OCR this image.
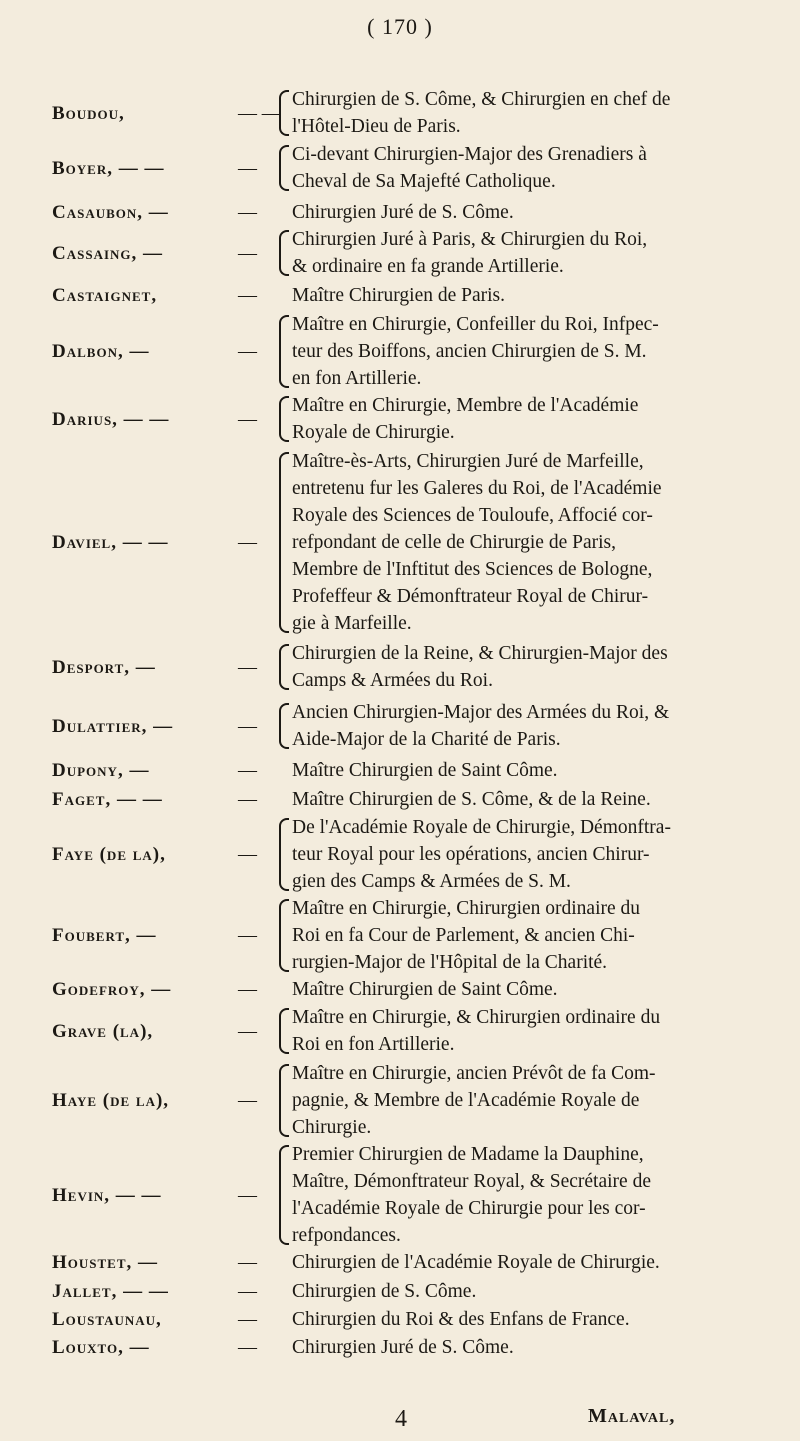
( 170 )
Boudou,	— —
Chirurgien de S. Côme, & Chirurgien en chef de
l'Hôtel-Dieu de Paris.
Boyer, — —	—
Ci-devant Chirurgien-Major des Grenadiers à
Cheval de Sa Majefté Catholique.
Casaubon, —	— Chirurgien Juré de S. Côme.
Cassaing, —	—
Chirurgien Juré à Paris, & Chirurgien du Roi,
& ordinaire en fa grande Artillerie.
Castaignet,	— Maître Chirurgien de Paris.
Dalbon, —	—
Maître en Chirurgie, Confeiller du Roi, Infpec-
teur des Boiffons, ancien Chirurgien de S. M.
en fon Artillerie.
Darius, — —	—
Maître en Chirurgie, Membre de l'Académie
Royale de Chirurgie.
Daviel, — —	—
Maître-ès-Arts, Chirurgien Juré de Marfeille,
entretenu fur les Galeres du Roi, de l'Académie
Royale des Sciences de Touloufe, Affocié cor-
refpondant de celle de Chirurgie de Paris,
Membre de l'Inftitut des Sciences de Bologne,
Profeffeur & Démonftrateur Royal de Chirur-
gie à Marfeille.
Desport, —	—
Chirurgien de la Reine, & Chirurgien-Major des
Camps & Armées du Roi.
Dulattier, —	—
Ancien Chirurgien-Major des Armées du Roi, &
Aide-Major de la Charité de Paris.
Dupony, —	— Maître Chirurgien de Saint Côme.
Faget, — —	— Maître Chirurgien de S. Côme, & de la Reine.
Faye (de la),	—
De l'Académie Royale de Chirurgie, Démonftra-
teur Royal pour les opérations, ancien Chirur-
gien des Camps & Armées de S. M.
Foubert, —	—
Maître en Chirurgie, Chirurgien ordinaire du
Roi en fa Cour de Parlement, & ancien Chi-
rurgien-Major de l'Hôpital de la Charité.
Godefroy, —	— Maître Chirurgien de Saint Côme.
Grave (la),	—
Maître en Chirurgie, & Chirurgien ordinaire du
Roi en fon Artillerie.
Haye (de la),	—
Maître en Chirurgie, ancien Prévôt de fa Com-
pagnie, & Membre de l'Académie Royale de
Chirurgie.
Hevin, — —	—
Premier Chirurgien de Madame la Dauphine,
Maître, Démonftrateur Royal, & Secrétaire de
l'Académie Royale de Chirurgie pour les cor-
refpondances.
Houstet, —	— Chirurgien de l'Académie Royale de Chirurgie.
Jallet, — —	— Chirurgien de S. Côme.
Loustaunau,	— Chirurgien du Roi & des Enfans de France.
Louxto, —	— Chirurgien Juré de S. Côme.
4	Malaval,
